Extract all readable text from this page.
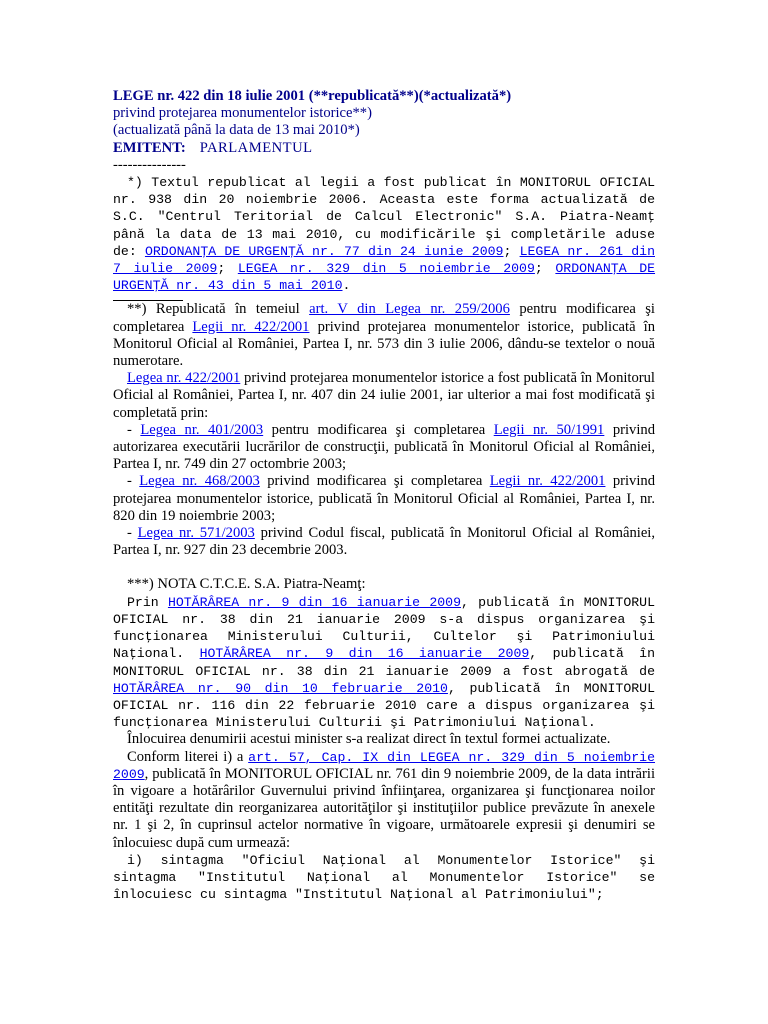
LEGE nr. 422 din 18 iulie 2001 (**republicată**)(*actualizată*)
privind protejarea monumentelor istorice**)
(actualizată până la data de 13 mai 2010*)
EMITENT: PARLAMENTUL
---------------

*) Textul republicat al legii a fost publicat în MONITORUL OFICIAL nr. 938 din 20 noiembrie 2006. Aceasta este forma actualizată de S.C. "Centrul Teritorial de Calcul Electronic" S.A. Piatra-Neamţ până la data de 13 mai 2010, cu modificările şi completările aduse de: ORDONANŢA DE URGENŢĂ nr. 77 din 24 iunie 2009; LEGEA nr. 261 din 7 iulie 2009; LEGEA nr. 329 din 5 noiembrie 2009; ORDONANŢA DE URGENŢĂ nr. 43 din 5 mai 2010.

**) Republicată în temeiul art. V din Legea nr. 259/2006 pentru modificarea şi completarea Legii nr. 422/2001 privind protejarea monumentelor istorice, publicată în Monitorul Oficial al României, Partea I, nr. 573 din 3 iulie 2006, dându-se textelor o nouă numerotare.

Legea nr. 422/2001 privind protejarea monumentelor istorice a fost publicată în Monitorul Oficial al României, Partea I, nr. 407 din 24 iulie 2001, iar ulterior a mai fost modificată şi completată prin:

- Legea nr. 401/2003 pentru modificarea şi completarea Legii nr. 50/1991 privind autorizarea executării lucrărilor de construcţii, publicată în Monitorul Oficial al României, Partea I, nr. 749 din 27 octombrie 2003;

- Legea nr. 468/2003 privind modificarea şi completarea Legii nr. 422/2001 privind protejarea monumentelor istorice, publicată în Monitorul Oficial al României, Partea I, nr. 820 din 19 noiembrie 2003;

- Legea nr. 571/2003 privind Codul fiscal, publicată în Monitorul Oficial al României, Partea I, nr. 927 din 23 decembrie 2003.

***) NOTA C.T.C.E. S.A. Piatra-Neamţ:

Prin HOTĂRÂREA nr. 9 din 16 ianuarie 2009, publicată în MONITORUL OFICIAL nr. 38 din 21 ianuarie 2009 s-a dispus organizarea şi funcţionarea Ministerului Culturii, Cultelor şi Patrimoniului Naţional. HOTĂRÂREA nr. 9 din 16 ianuarie 2009, publicată în MONITORUL OFICIAL nr. 38 din 21 ianuarie 2009 a fost abrogată de HOTĂRÂREA nr. 90 din 10 februarie 2010, publicată în MONITORUL OFICIAL nr. 116 din 22 februarie 2010 care a dispus organizarea şi funcţionarea Ministerului Culturii şi Patrimoniului Naţional.

Înlocuirea denumirii acestui minister s-a realizat direct în textul formei actualizate.

Conform literei i) a art. 57, Cap. IX din LEGEA nr. 329 din 5 noiembrie 2009, publicată în MONITORUL OFICIAL nr. 761 din 9 noiembrie 2009, de la data intrării în vigoare a hotărârilor Guvernului privind înfiinţarea, organizarea şi funcţionarea noilor entităţi rezultate din reorganizarea autorităţilor şi instituţiilor publice prevăzute în anexele nr. 1 şi 2, în cuprinsul actelor normative în vigoare, următoarele expresii şi denumiri se înlocuiesc după cum urmează:

i) sintagma "Oficiul Naţional al Monumentelor Istorice" şi sintagma "Institutul Naţional al Monumentelor Istorice" se înlocuiesc cu sintagma "Institutul Naţional al Patrimoniului";
